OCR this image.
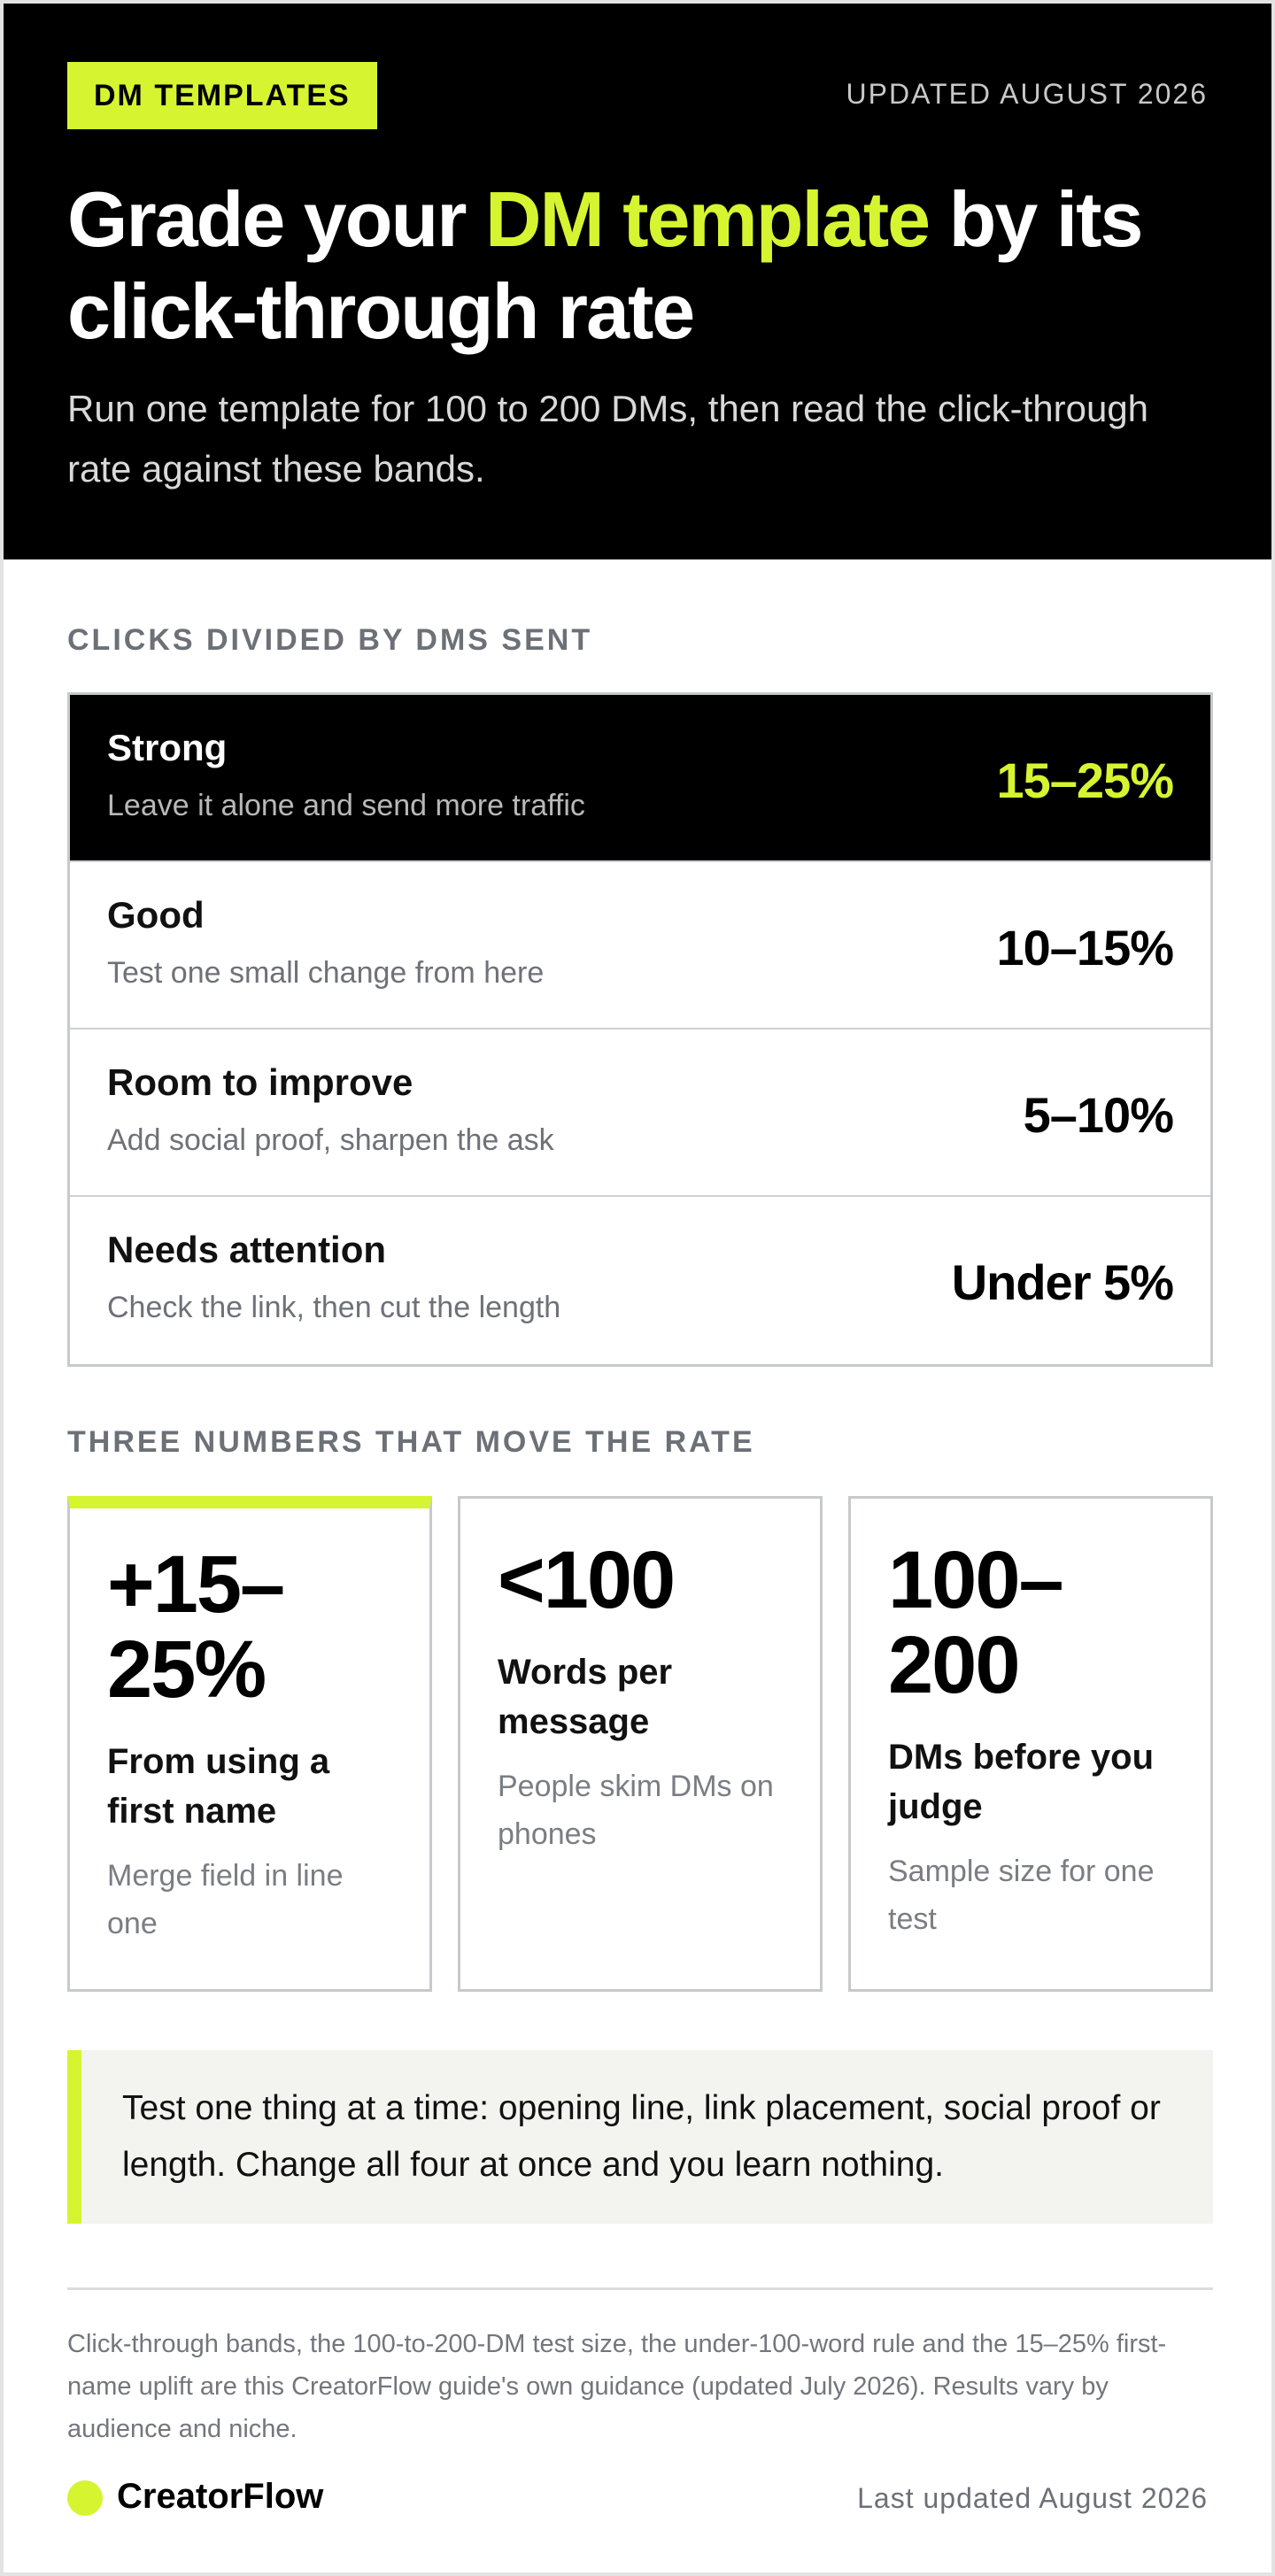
DM TEMPLATES	UPDATED AUGUST 2026
Grade your DM template by its click-through rate

Run one template for 100 to 200 DMs, then read the click-through rate against these bands.

CLICKS DIVIDED BY DMS SENT
Strong
Leave it alone and send more traffic	15–25%
Good
Test one small change from here	10–15%
Room to improve
Add social proof, sharpen the ask	5–10%
Needs attention
Check the link, then cut the length	Under 5%
THREE NUMBERS THAT MOVE THE RATE
+15–
25%
From using a first name
Merge field in line one
<100
Words per message
People skim DMs on phones
100–
200
DMs before you judge
Sample size for one test

Test one thing at a time: opening line, link placement, social proof or length. Change all four at once and you learn nothing.

Click-through bands, the 100-to-200-DM test size, the under-100-word rule and the 15–25% first-name uplift are this CreatorFlow guide's own guidance (updated July 2026). Results vary by audience and niche.

CreatorFlow	Last updated August 2026
